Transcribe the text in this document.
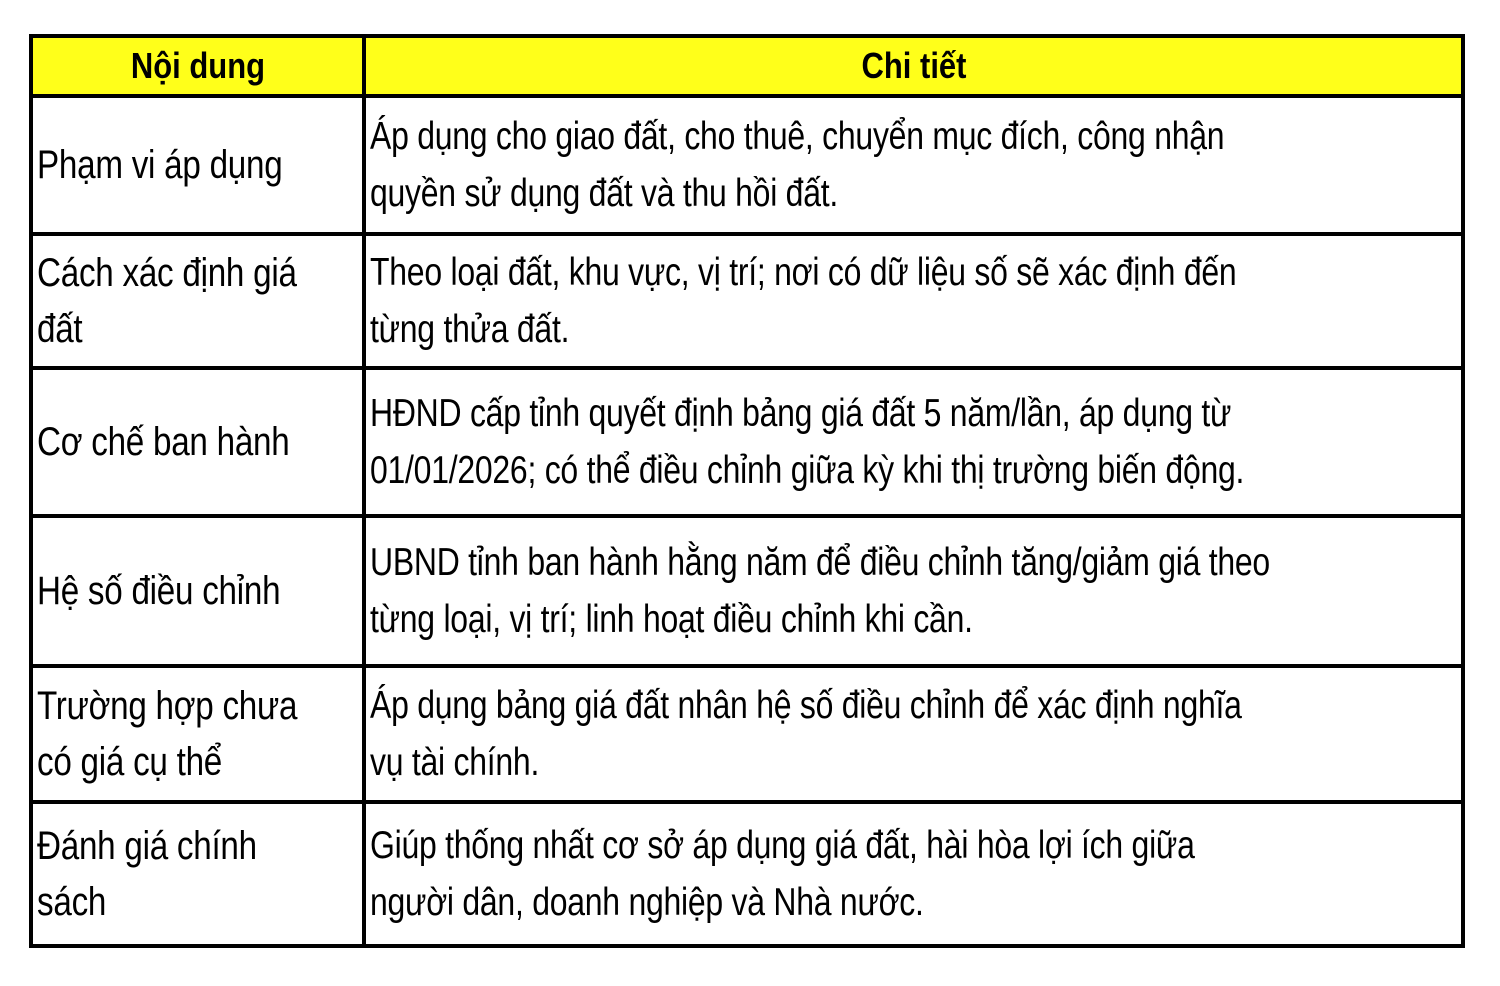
Nội dung	Chi tiết
Phạm vi áp dụng
Áp dụng cho giao đất, cho thuê, chuyển mục đích, công nhận quyền sử dụng đất và thu hồi đất.
Cách xác định giá đất
Theo loại đất, khu vực, vị trí; nơi có dữ liệu số sẽ xác định đến từng thửa đất.
Cơ chế ban hành
HĐND cấp tỉnh quyết định bảng giá đất 5 năm/lần, áp dụng từ 01/01/2026; có thể điều chỉnh giữa kỳ khi thị trường biến động.
Hệ số điều chỉnh
UBND tỉnh ban hành hằng năm để điều chỉnh tăng/giảm giá theo từng loại, vị trí; linh hoạt điều chỉnh khi cần.
Trường hợp chưa có giá cụ thể
Áp dụng bảng giá đất nhân hệ số điều chỉnh để xác định nghĩa vụ tài chính.
Đánh giá chính sách
Giúp thống nhất cơ sở áp dụng giá đất, hài hòa lợi ích giữa người dân, doanh nghiệp và Nhà nước.
